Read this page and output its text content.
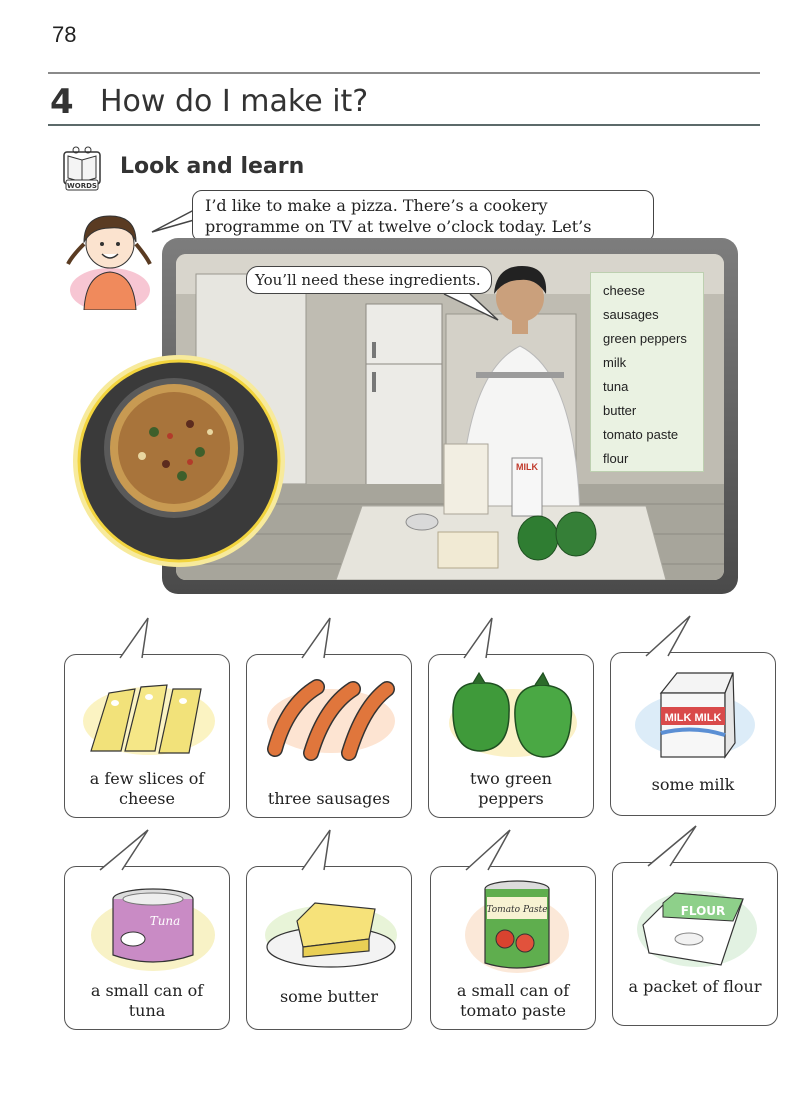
78
4 How do I make it?
WORDS
Look and learn
I’d like to make a pizza. There’s a cookery programme on TV at twelve o’clock today. Let’s
MILK
You’ll need these ingredients.
cheese
sausages
green peppers
milk
tuna
butter
tomato paste
flour
a few slices of cheese	three sausages
two green peppers
MILK MILK
some milk
Tuna
a small can of tuna
some butter
Tomato Paste
a small can of tomato paste
FLOUR
a packet of flour
